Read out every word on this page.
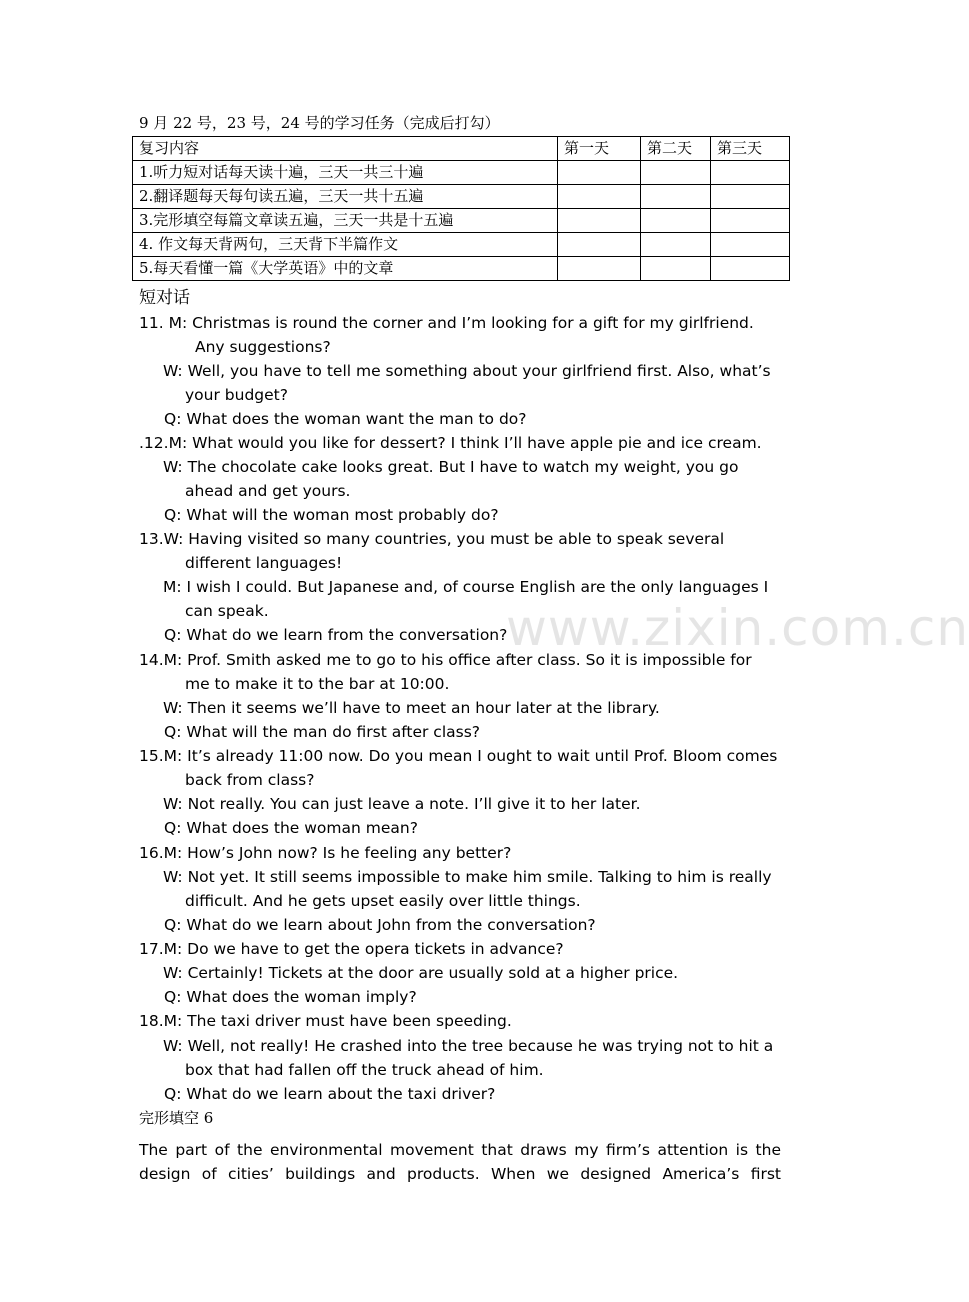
9 月 22 号，23 号，24 号的学习任务（完成后打勾）
复习内容	第一天	第二天	第三天
1.听力短对话每天读十遍，三天一共三十遍			
2.翻译题每天每句读五遍，三天一共十五遍			
3.完形填空每篇文章读五遍，三天一共是十五遍			
4. 作文每天背两句，三天背下半篇作文			
5.每天看懂一篇《大学英语》中的文章			
短对话
www.zixin.com.cn
11. M: Christmas is round the corner and I’m looking for a gift for my girlfriend.
Any suggestions?
W: Well, you have to tell me something about your girlfriend first. Also, what’s
your budget?
Q: What does the woman want the man to do?
.12.M: What would you like for dessert? I think I’ll have apple pie and ice cream.
W: The chocolate cake looks great. But I have to watch my weight, you go
ahead and get yours.
Q: What will the woman most probably do?
13.W: Having visited so many countries, you must be able to speak several
different languages!
M: I wish I could. But Japanese and, of course English are the only languages I
can speak.
Q: What do we learn from the conversation?
14.M: Prof. Smith asked me to go to his office after class. So it is impossible for
me to make it to the bar at 10:00.
W: Then it seems we’ll have to meet an hour later at the library.
Q: What will the man do first after class?
15.M: It’s already 11:00 now. Do you mean I ought to wait until Prof. Bloom comes
back from class?
W: Not really. You can just leave a note. I’ll give it to her later.
Q: What does the woman mean?
16.M: How’s John now? Is he feeling any better?
W: Not yet. It still seems impossible to make him smile. Talking to him is really
difficult. And he gets upset easily over little things.
Q: What do we learn about John from the conversation?
17.M: Do we have to get the opera tickets in advance?
W: Certainly! Tickets at the door are usually sold at a higher price.
Q: What does the woman imply?
18.M: The taxi driver must have been speeding.
W: Well, not really! He crashed into the tree because he was trying not to hit a
box that had fallen off the truck ahead of him.
Q: What do we learn about the taxi driver?
完形填空 6
The part of the environmental movement that draws my firm’s attention is the
design of cities’ buildings and products. When we designed America’s first
